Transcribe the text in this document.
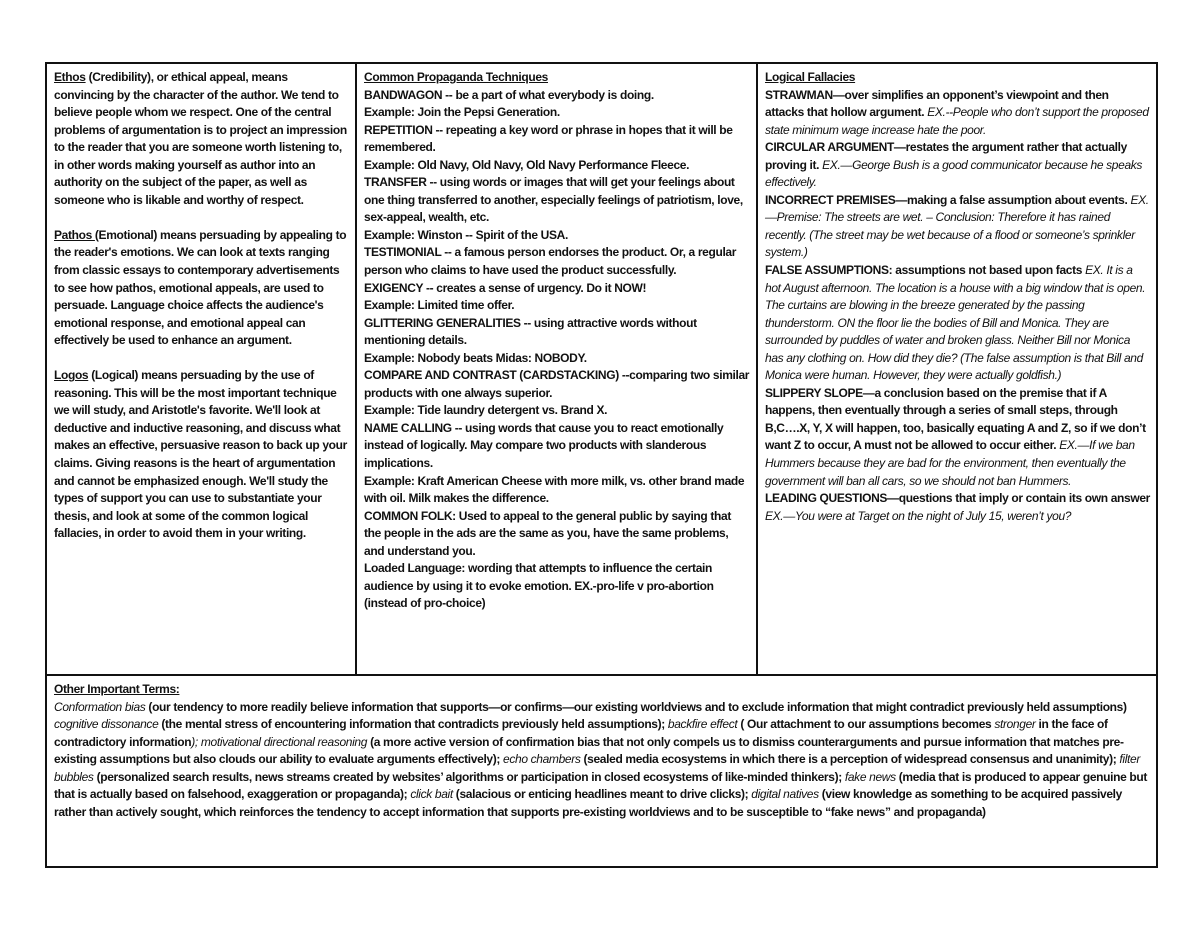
Ethos (Credibility), or ethical appeal, means convincing by the character of the author. We tend to believe people whom we respect. One of the central problems of argumentation is to project an impression to the reader that you are someone worth listening to, in other words making yourself as author into an authority on the subject of the paper, as well as someone who is likable and worthy of respect.

Pathos (Emotional) means persuading by appealing to the reader's emotions. We can look at texts ranging from classic essays to contemporary advertisements to see how pathos, emotional appeals, are used to persuade. Language choice affects the audience's emotional response, and emotional appeal can effectively be used to enhance an argument.

Logos (Logical) means persuading by the use of reasoning. This will be the most important technique we will study, and Aristotle's favorite. We'll look at deductive and inductive reasoning, and discuss what makes an effective, persuasive reason to back up your claims. Giving reasons is the heart of argumentation and cannot be emphasized enough. We'll study the types of support you can use to substantiate your thesis, and look at some of the common logical fallacies, in order to avoid them in your writing.

Common Propaganda Techniques

BANDWAGON -- be a part of what everybody is doing.

Example: Join the Pepsi Generation.

REPETITION -- repeating a key word or phrase in hopes that it will be remembered.

Example: Old Navy, Old Navy, Old Navy Performance Fleece.

TRANSFER -- using words or images that will get your feelings about one thing transferred to another, especially feelings of patriotism, love, sex-appeal, wealth, etc.

Example: Winston -- Spirit of the USA.

TESTIMONIAL -- a famous person endorses the product. Or, a regular person who claims to have used the product successfully.

EXIGENCY -- creates a sense of urgency. Do it NOW!

Example: Limited time offer.

GLITTERING GENERALITIES -- using attractive words without mentioning details.

Example: Nobody beats Midas: NOBODY.

COMPARE AND CONTRAST (CARDSTACKING) --comparing two similar products with one always superior.

Example: Tide laundry detergent vs. Brand X.

NAME CALLING -- using words that cause you to react emotionally instead of logically. May compare two products with slanderous implications.

Example: Kraft American Cheese with more milk, vs. other brand made with oil. Milk makes the difference.

COMMON FOLK: Used to appeal to the general public by saying that the people in the ads are the same as you, have the same problems, and understand you.

Loaded Language: wording that attempts to influence the certain audience by using it to evoke emotion. EX.-pro-life v pro-abortion (instead of pro-choice)

Logical Fallacies

STRAWMAN—over simplifies an opponent’s viewpoint and then attacks that hollow argument. EX.--People who don’t support the proposed state minimum wage increase hate the poor.

CIRCULAR ARGUMENT—restates the argument rather that actually proving it. EX.—George Bush is a good communicator because he speaks effectively.

INCORRECT PREMISES—making a false assumption about events. EX.—Premise: The streets are wet. – Conclusion: Therefore it has rained recently. (The street may be wet because of a flood or someone’s sprinkler system.)

FALSE ASSUMPTIONS: assumptions not based upon facts EX. It is a hot August afternoon. The location is a house with a big window that is open. The curtains are blowing in the breeze generated by the passing thunderstorm. ON the floor lie the bodies of Bill and Monica. They are surrounded by puddles of water and broken glass. Neither Bill nor Monica has any clothing on. How did they die? (The false assumption is that Bill and Monica were human. However, they were actually goldfish.)

SLIPPERY SLOPE—a conclusion based on the premise that if A happens, then eventually through a series of small steps, through B,C….X, Y, X will happen, too, basically equating A and Z, so if we don’t want Z to occur, A must not be allowed to occur either. EX.—If we ban Hummers because they are bad for the environment, then eventually the government will ban all cars, so we should not ban Hummers.

LEADING QUESTIONS—questions that imply or contain its own answer EX.—You were at Target on the night of July 15, weren’t you?

Other Important Terms:

Conformation bias (our tendency to more readily believe information that supports—or confirms—our existing worldviews and to exclude information that might contradict previously held assumptions) cognitive dissonance (the mental stress of encountering information that contradicts previously held assumptions); backfire effect ( Our attachment to our assumptions becomes stronger in the face of contradictory information); motivational directional reasoning (a more active version of confirmation bias that not only compels us to dismiss counterarguments and pursue information that matches pre-existing assumptions but also clouds our ability to evaluate arguments effectively); echo chambers (sealed media ecosystems in which there is a perception of widespread consensus and unanimity); filter bubbles (personalized search results, news streams created by websites’ algorithms or participation in closed ecosystems of like-minded thinkers); fake news (media that is produced to appear genuine but that is actually based on falsehood, exaggeration or propaganda); click bait (salacious or enticing headlines meant to drive clicks); digital natives (view knowledge as something to be acquired passively rather than actively sought, which reinforces the tendency to accept information that supports pre-existing worldviews and to be susceptible to “fake news” and propaganda)
